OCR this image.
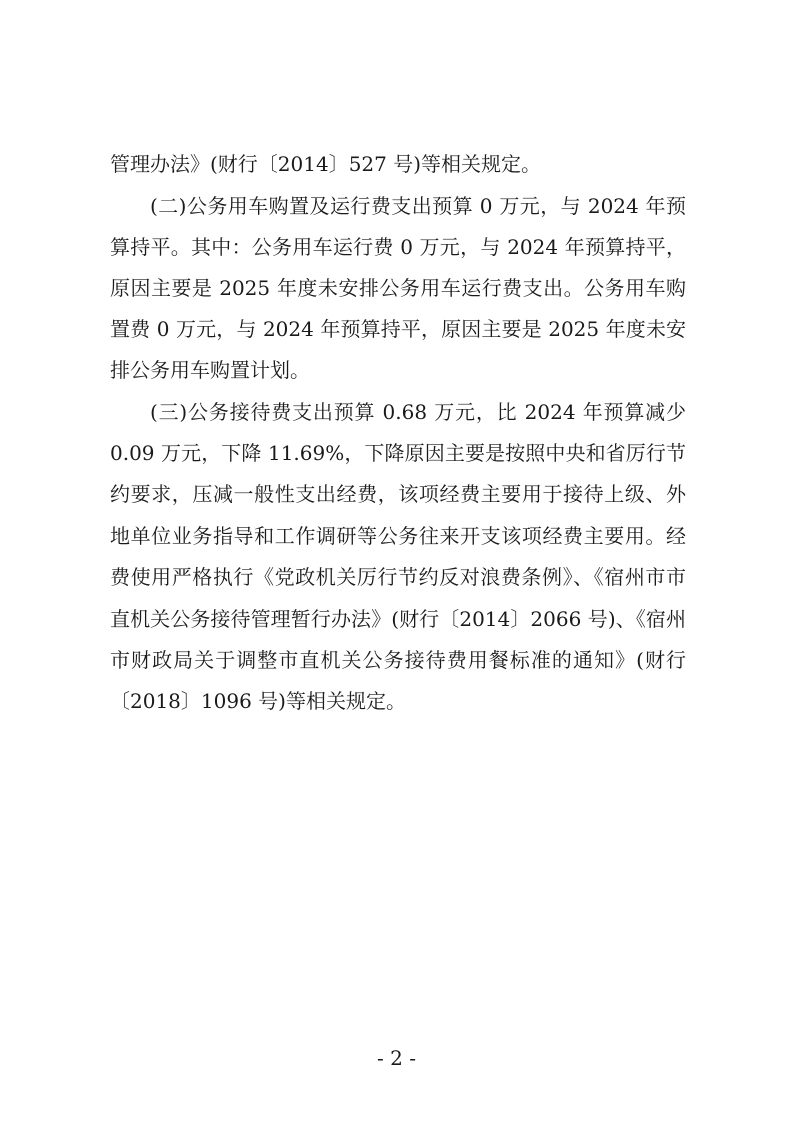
管理办法》(财行〔2014〕527 号)等相关规定。
(二)公务用车购置及运行费支出预算 0 万元，与 2024 年预
算持平。其中：公务用车运行费 0 万元，与 2024 年预算持平，
原因主要是 2025 年度未安排公务用车运行费支出。公务用车购
置费 0 万元，与 2024 年预算持平，原因主要是 2025 年度未安
排公务用车购置计划。
(三)公务接待费支出预算 0.68 万元，比 2024 年预算减少
0.09 万元，下降 11.69%，下降原因主要是按照中央和省厉行节
约要求，压减一般性支出经费，该项经费主要用于接待上级、外
地单位业务指导和工作调研等公务往来开支该项经费主要用。经
费使用严格执行《党政机关厉行节约反对浪费条例》、《宿州市市
直机关公务接待管理暂行办法》(财行〔2014〕2066 号)、《宿州
市财政局关于调整市直机关公务接待费用餐标准的通知》(财行
〔2018〕1096 号)等相关规定。
- 2 -
